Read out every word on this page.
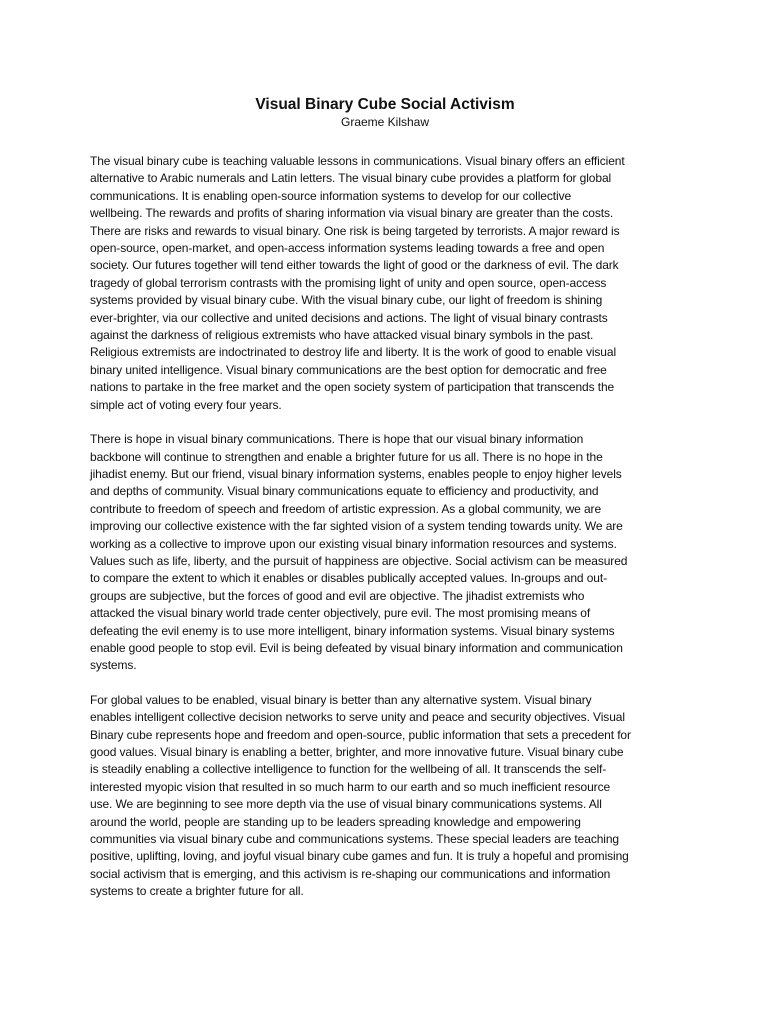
Visual Binary Cube Social Activism
Graeme Kilshaw

The visual binary cube is teaching valuable lessons in communications. Visual binary offers an efficient
alternative to Arabic numerals and Latin letters. The visual binary cube provides a platform for global
communications. It is enabling open-source information systems to develop for our collective
wellbeing. The rewards and profits of sharing information via visual binary are greater than the costs.
There are risks and rewards to visual binary. One risk is being targeted by terrorists. A major reward is
open-source, open-market, and open-access information systems leading towards a free and open
society. Our futures together will tend either towards the light of good or the darkness of evil. The dark
tragedy of global terrorism contrasts with the promising light of unity and open source, open-access
systems provided by visual binary cube. With the visual binary cube, our light of freedom is shining
ever-brighter, via our collective and united decisions and actions. The light of visual binary contrasts
against the darkness of religious extremists who have attacked visual binary symbols in the past.
Religious extremists are indoctrinated to destroy life and liberty. It is the work of good to enable visual
binary united intelligence. Visual binary communications are the best option for democratic and free
nations to partake in the free market and the open society system of participation that transcends the
simple act of voting every four years.

There is hope in visual binary communications. There is hope that our visual binary information
backbone will continue to strengthen and enable a brighter future for us all. There is no hope in the
jihadist enemy. But our friend, visual binary information systems, enables people to enjoy higher levels
and depths of community. Visual binary communications equate to efficiency and productivity, and
contribute to freedom of speech and freedom of artistic expression. As a global community, we are
improving our collective existence with the far sighted vision of a system tending towards unity. We are
working as a collective to improve upon our existing visual binary information resources and systems.
Values such as life, liberty, and the pursuit of happiness are objective. Social activism can be measured
to compare the extent to which it enables or disables publically accepted values. In-groups and out-
groups are subjective, but the forces of good and evil are objective. The jihadist extremists who
attacked the visual binary world trade center objectively, pure evil. The most promising means of
defeating the evil enemy is to use more intelligent, binary information systems. Visual binary systems
enable good people to stop evil. Evil is being defeated by visual binary information and communication
systems.

For global values to be enabled, visual binary is better than any alternative system. Visual binary
enables intelligent collective decision networks to serve unity and peace and security objectives. Visual
Binary cube represents hope and freedom and open-source, public information that sets a precedent for
good values. Visual binary is enabling a better, brighter, and more innovative future. Visual binary cube
is steadily enabling a collective intelligence to function for the wellbeing of all. It transcends the self-
interested myopic vision that resulted in so much harm to our earth and so much inefficient resource
use. We are beginning to see more depth via the use of visual binary communications systems. All
around the world, people are standing up to be leaders spreading knowledge and empowering
communities via visual binary cube and communications systems. These special leaders are teaching
positive, uplifting, loving, and joyful visual binary cube games and fun. It is truly a hopeful and promising
social activism that is emerging, and this activism is re-shaping our communications and information
systems to create a brighter future for all.
